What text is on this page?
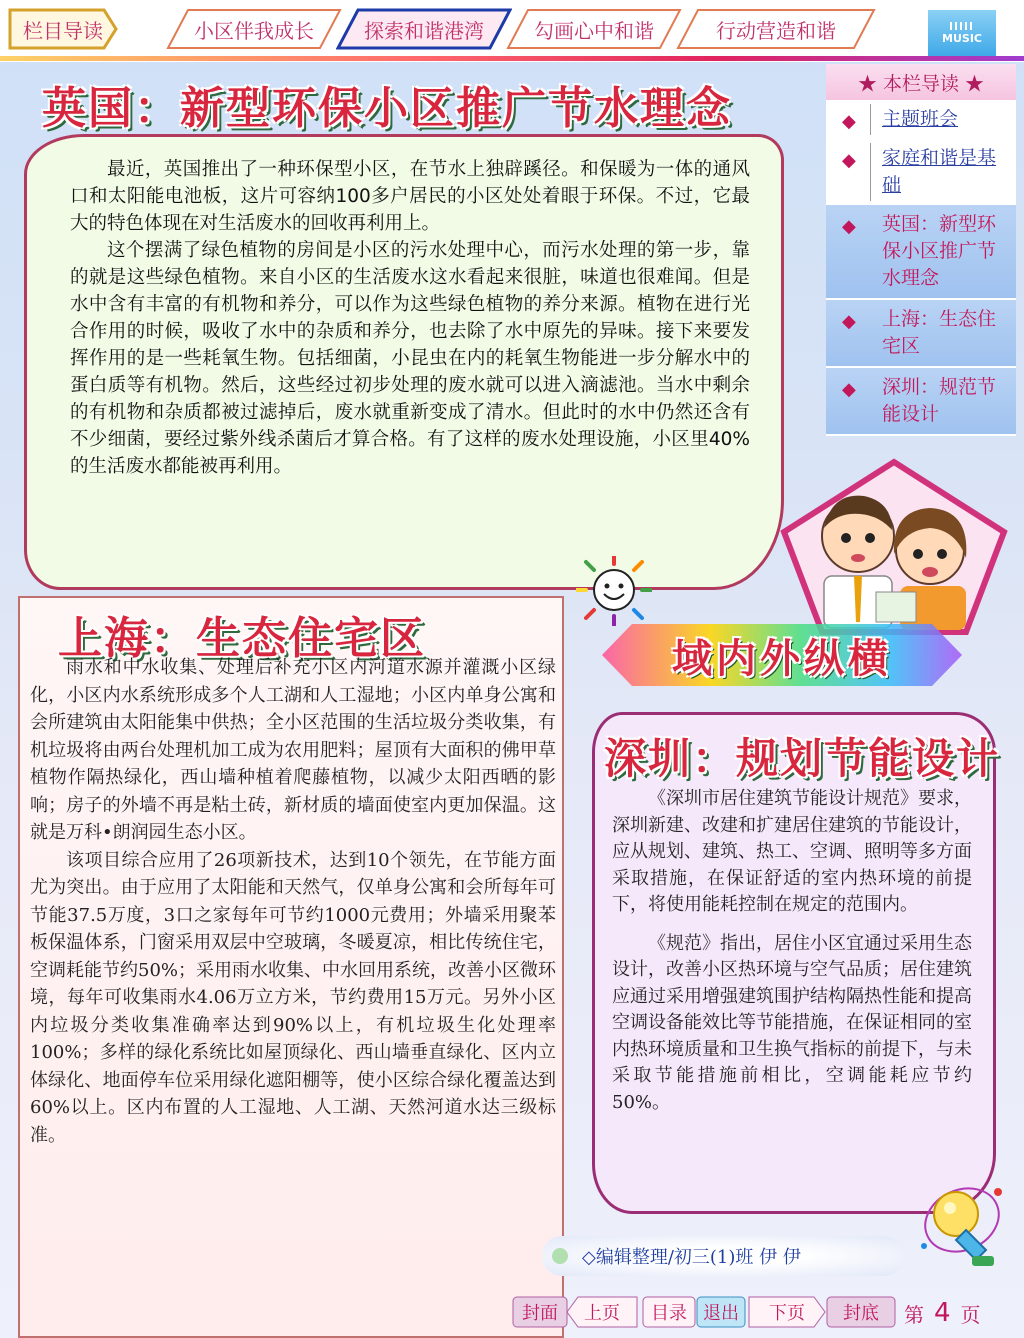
栏目导读	小区伴我成长	探索和谐港湾	勾画心中和谐	行动营造和谐	MUSIC
英国：新型环保小区推广节水理念

最近，英国推出了一种环保型小区，在节水上独辟蹊径。和保暖为一体的通风口和太阳能电池板，这片可容纳100多户居民的小区处处着眼于环保。不过，它最大的特色体现在对生活废水的回收再利用上。

这个摆满了绿色植物的房间是小区的污水处理中心，而污水处理的第一步，靠的就是这些绿色植物。来自小区的生活废水这水看起来很脏，味道也很难闻。但是水中含有丰富的有机物和养分，可以作为这些绿色植物的养分来源。植物在进行光合作用的时候，吸收了水中的杂质和养分，也去除了水中原先的异味。接下来要发挥作用的是一些耗氧生物。包括细菌，小昆虫在内的耗氧生物能进一步分解水中的蛋白质等有机物。然后，这些经过初步处理的废水就可以进入滴滤池。当水中剩余的有机物和杂质都被过滤掉后，废水就重新变成了清水。但此时的水中仍然还含有不少细菌，要经过紫外线杀菌后才算合格。有了这样的废水处理设施，小区里40%的生活废水都能被再利用。

★ 本栏导读 ★
◆ 主题班会
◆ 家庭和谐是基础
◆ 英国：新型环保小区推广节水理念
◆ 上海：生态住宅区
◆ 深圳：规范节能设计
域内外纵横
上海：生态住宅区

雨水和中水收集、处理后补充小区内河道水源并灌溉小区绿化，小区内水系统形成多个人工湖和人工湿地；小区内单身公寓和会所建筑由太阳能集中供热；全小区范围的生活垃圾分类收集，有机垃圾将由两台处理机加工成为农用肥料；屋顶有大面积的佛甲草植物作隔热绿化，西山墙种植着爬藤植物，以减少太阳西晒的影响；房子的外墙不再是粘土砖，新材质的墙面使室内更加保温。这就是万科•朗润园生态小区。

该项目综合应用了26项新技术，达到10个领先，在节能方面尤为突出。由于应用了太阳能和天然气，仅单身公寓和会所每年可节能37.5万度，3口之家每年可节约1000元费用；外墙采用聚苯板保温体系，门窗采用双层中空玻璃，冬暖夏凉，相比传统住宅，空调耗能节约50%；采用雨水收集、中水回用系统，改善小区微环境，每年可收集雨水4.06万立方米，节约费用15万元。另外小区内垃圾分类收集准确率达到90%以上，有机垃圾生化处理率100%；多样的绿化系统比如屋顶绿化、西山墙垂直绿化、区内立体绿化、地面停车位采用绿化遮阳棚等，使小区综合绿化覆盖达到60%以上。区内布置的人工湿地、人工湖、天然河道水达三级标准。

深圳：规划节能设计

《深圳市居住建筑节能设计规范》要求，深圳新建、改建和扩建居住建筑的节能设计，应从规划、建筑、热工、空调、照明等多方面采取措施，在保证舒适的室内热环境的前提下，将使用能耗控制在规定的范围内。

《规范》指出，居住小区宜通过采用生态设计，改善小区热环境与空气品质；居住建筑应通过采用增强建筑围护结构隔热性能和提高空调设备能效比等节能措施，在保证相同的室内热环境质量和卫生换气指标的前提下，与未采取节能措施前相比，空调能耗应节约50%。

◇编辑整理/初三(1)班 伊 伊
封面 上页 目录 退出 下页 封底 第 4 页
